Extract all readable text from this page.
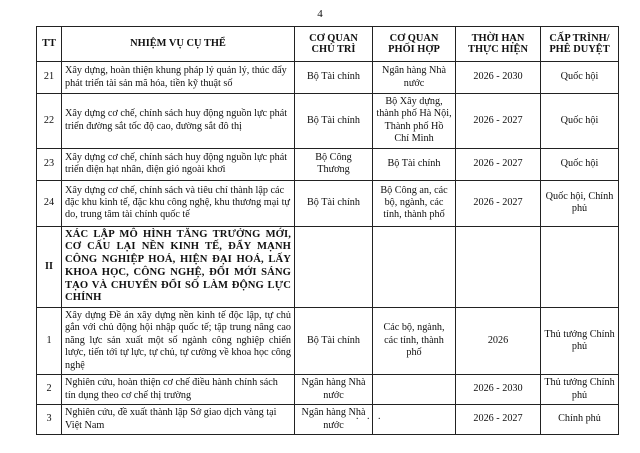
4
TT	NHIỆM VỤ CỤ THỂ	CƠ QUAN CHỦ TRÌ	CƠ QUAN PHỐI HỢP	THỜI HẠN THỰC HIỆN	CẤP TRÌNH/ PHÊ DUYỆT
21	Xây dựng, hoàn thiện khung pháp lý quản lý, thúc đẩy phát triển tài sản mã hóa, tiền kỹ thuật số	Bộ Tài chính	Ngân hàng Nhà nước	2026 - 2030	Quốc hội
22	Xây dựng cơ chế, chính sách huy động nguồn lực phát triển đường sắt tốc độ cao, đường sắt đô thị	Bộ Tài chính	Bộ Xây dựng, thành phố Hà Nội, Thành phố Hồ Chí Minh	2026 - 2027	Quốc hội
23	Xây dựng cơ chế, chính sách huy động nguồn lực phát triển điện hạt nhân, điện gió ngoài khơi	Bộ Công Thương	Bộ Tài chính	2026 - 2027	Quốc hội
24	Xây dựng cơ chế, chính sách và tiêu chí thành lập các đặc khu kinh tế, đặc khu công nghệ, khu thương mại tự do, trung tâm tài chính quốc tế	Bộ Tài chính	Bộ Công an, các bộ, ngành, các tỉnh, thành phố	2026 - 2027	Quốc hội, Chính phủ
II	XÁC LẬP MÔ HÌNH TĂNG TRƯỞNG MỚI, CƠ CẤU LẠI NỀN KINH TẾ, ĐẨY MẠNH CÔNG NGHIỆP HOÁ, HIỆN ĐẠI HOÁ, LẤY KHOA HỌC, CÔNG NGHỆ, ĐỔI MỚI SÁNG TẠO VÀ CHUYỂN ĐỔI SỐ LÀM ĐỘNG LỰC CHÍNH				
1	Xây dựng Đề án xây dựng nền kinh tế độc lập, tự chủ gắn với chủ động hội nhập quốc tế; tập trung nâng cao năng lực sản xuất một số ngành công nghiệp chiến lược, tiến tới tự lực, tự chủ, tự cường về khoa học công nghệ	Bộ Tài chính	Các bộ, ngành, các tỉnh, thành phố	2026	Thủ tướng Chính phủ
2	Nghiên cứu, hoàn thiện cơ chế điều hành chính sách tín dụng theo cơ chế thị trường	Ngân hàng Nhà nước		2026 - 2030	Thủ tướng Chính phủ
3	Nghiên cứu, đề xuất thành lập Sở giao dịch vàng tại Việt Nam	Ngân hàng Nhà nước		2026 - 2027	Chính phủ
. . .
